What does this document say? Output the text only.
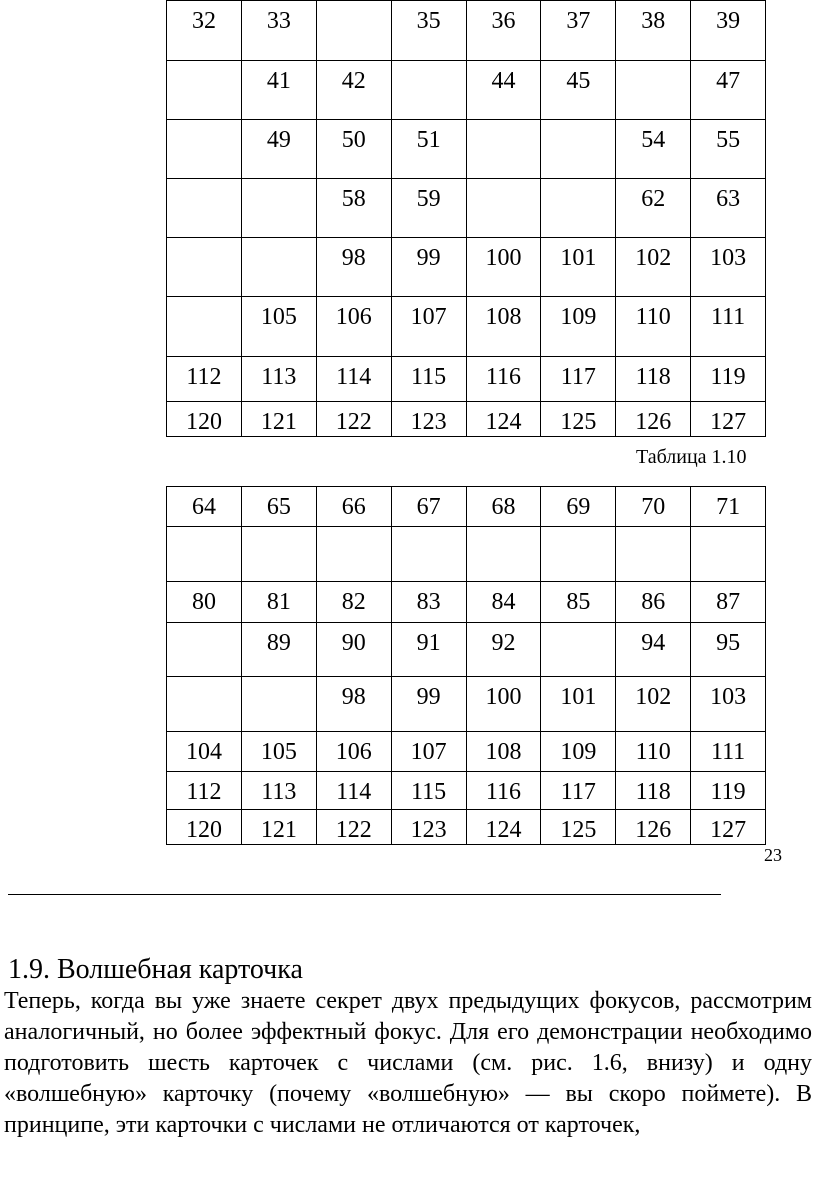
32	33		35	36	37	38	39
	41	42		44	45		47
	49	50	51			54	55
		58	59			62	63
		98	99	100	101	102	103
	105	106	107	108	109	110	111
112	113	114	115	116	117	118	119
120	121	122	123	124	125	126	127
Таблица 1.10
64	65	66	67	68	69	70	71

80	81	82	83	84	85	86	87
	89	90	91	92		94	95
		98	99	100	101	102	103
104	105	106	107	108	109	110	111
112	113	114	115	116	117	118	119
120	121	122	123	124	125	126	127
23
1.9. Волшебная карточка

Теперь, когда вы уже знаете секрет двух предыдущих фокусов, рассмотрим аналогичный, но более эффектный фокус. Для его демонстрации необходимо подготовить шесть карточек с числами (см. рис. 1.6, внизу) и одну «волшебную» карточку (почему «волшебную» — вы скоро поймете). В принципе, эти карточки с числами не отличаются от карточек,
